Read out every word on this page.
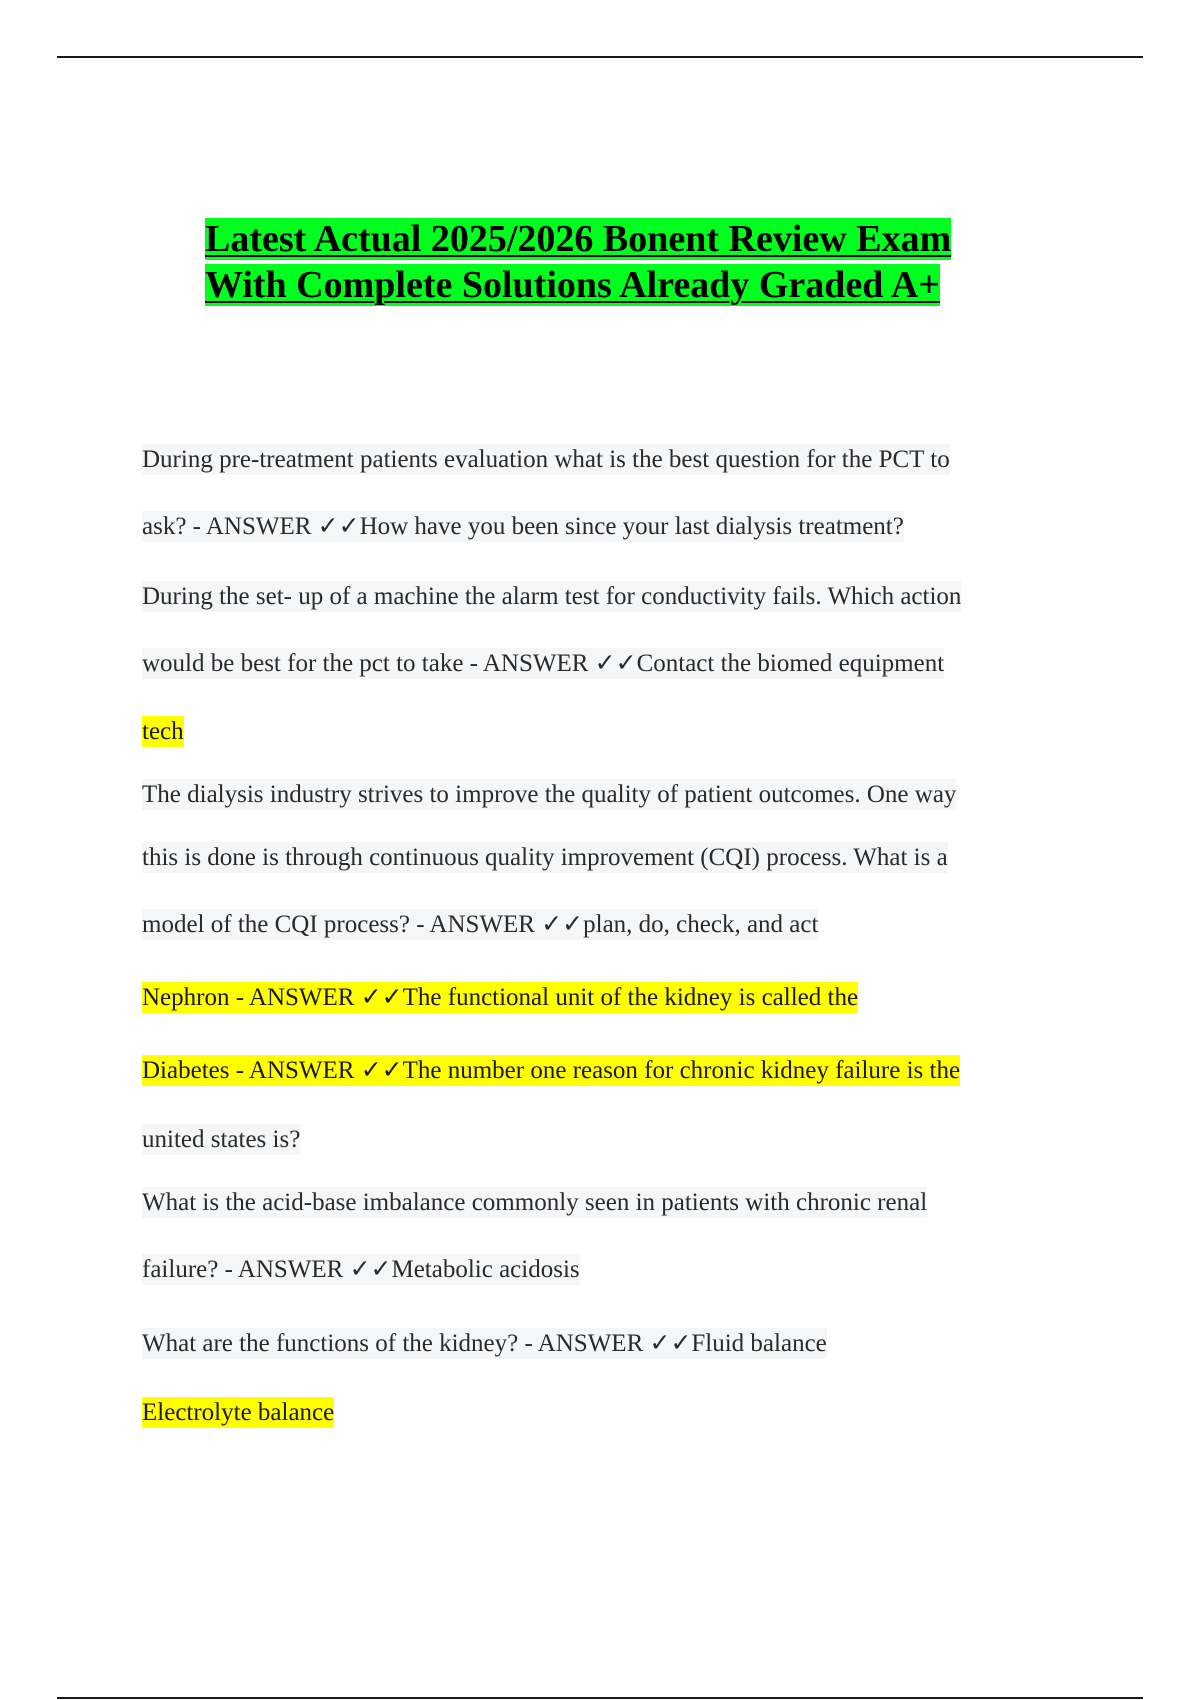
Latest Actual 2025/2026 Bonent Review Exam
With Complete Solutions Already Graded A+
During pre-treatment patients evaluation what is the best question for the PCT to
ask? - ANSWER ✓✓How have you been since your last dialysis treatment?
During the set- up of a machine the alarm test for conductivity fails. Which action
would be best for the pct to take - ANSWER ✓✓Contact the biomed equipment
tech
The dialysis industry strives to improve the quality of patient outcomes. One way
this is done is through continuous quality improvement (CQI) process. What is a
model of the CQI process? - ANSWER ✓✓plan, do, check, and act
Nephron - ANSWER ✓✓The functional unit of the kidney is called the
Diabetes - ANSWER ✓✓The number one reason for chronic kidney failure is the
united states is?
What is the acid-base imbalance commonly seen in patients with chronic renal
failure? - ANSWER ✓✓Metabolic acidosis
What are the functions of the kidney? - ANSWER ✓✓Fluid balance
Electrolyte balance
